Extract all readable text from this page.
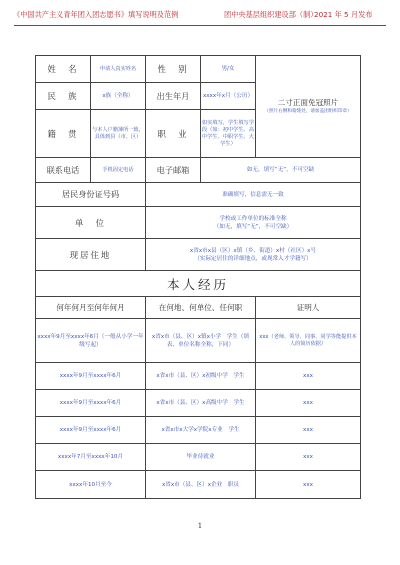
《中国共产主义青年团入团志愿书》填写说明及范例	团中央基层组织建设部（制）
2021 年 5 月发布
姓　名	申请人真实姓名	性　别	男/女	二寸正面免冠照片
（照片右侧和骑缝处，请加盖团组织印章）

民　族	x族（全称）	出生年月	xxxx年x月（公历）	
籍　贯	与本人户籍簿所一致，具体到县（市、区）	职　业	如实填写，学生填写学段（如：初中学生、高中学生、中职学生、大学生）	
联系电话	手机固定电话	电子邮箱	如无，填写“无”，不可空缺	
居民身份证号码		准确填写，信息需无一致		
单　位		学校或工作单位的标准全称
（如无，填写“无”，不可空缺）		

现居住地		x省x市x县（区）x镇（乡、街道）x村（社区）x号
（实际定居住的详细地点，或现常入才学籍写）		

本人经历				
何年何月至何年何月		在何地、何单位、任何职		证明人
xxxx年9月至xxxx年6月（一般从小学一年级写起）		x省x市（县、区）x镇x小学　学生（填表、单位名称全称，下同）		xxx（老师、领导、同事、同学等能提供本人的简历依据）
xxxx年9月至xxxx年6月		x省x市（县、区）x初级中学　学生		xxx
xxxx年9月至xxxx年6月		x省x市（县、区）x高级中学　学生		xxx
xxxx年9月至xxxx年6月		x省x市x大学x学院x专业　学生		xxx
xxxx年7月至xxxx年10月		毕业待就业		xxx
xxxx年10月至今		x省x市（县、区）x企业　职员		xxx
1
